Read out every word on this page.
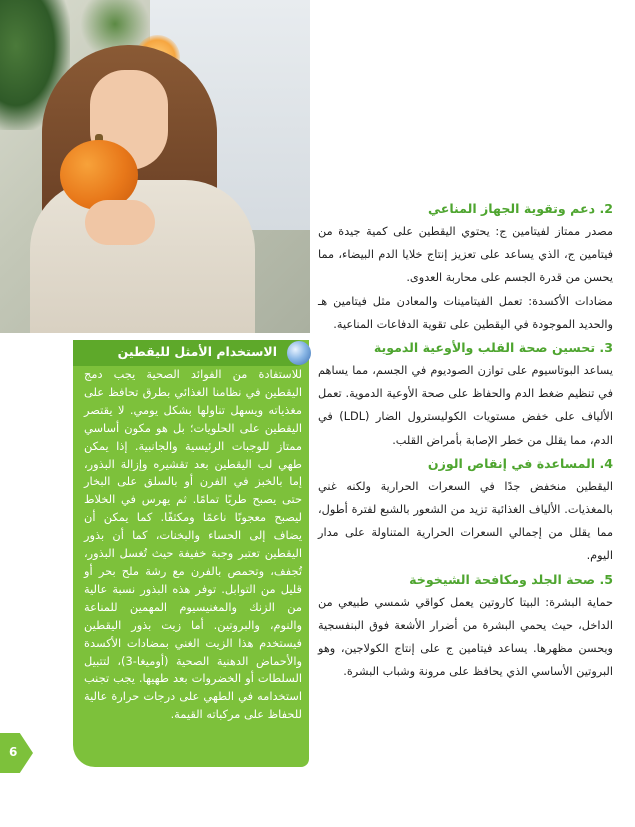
الاستخدام الأمثل لليقطين
للاستفادة من الفوائد الصحية يجب دمج اليقطين في نظامنا الغذائي بطرق تحافظ على مغذياته ويسهل تناولها بشكل يومي. لا يقتصر اليقطين على الحلويات؛ بل هو مكون أساسي ممتاز للوجبات الرئيسية والجانبية. إذا يمكن طهي لب اليقطين بعد تقشيره وإزالة البذور، إما بالخبز في الفرن أو بالسلق على البخار حتى يصبح طريًا تمامًا. ثم يهرس في الخلاط ليصبح معجونًا ناعمًا ومكثفًا. كما يمكن أن يضاف إلى الحساء والبخنات، كما أن بذور اليقطين تعتبر وجبة خفيفة حيث تُغسل البذور، تُجفف، وتحمص بالفرن مع رشة ملح بحر أو قليل من التوابل. توفر هذه البذور نسبة عالية من الزنك والمغنيسيوم المهمين للمناعة والنوم، والبروتين. أما زيت بذور اليقطين فيستخدم هذا الزيت الغني بمضادات الأكسدة والأحماض الدهنية الصحية (أوميغا-3)، لتتبيل السلطات أو الخضروات بعد طهيها. يجب تجنب استخدامه في الطهي على درجات حرارة عالية للحفاظ على مركباته القيمة.
6
2. دعم وتقوية الجهاز المناعي

مصدر ممتاز لفيتامين ج: يحتوي اليقطين على كمية جيدة من فيتامين ج، الذي يساعد على تعزيز إنتاج خلايا الدم البيضاء، مما يحسن من قدرة الجسم على محاربة العدوى.

مضادات الأكسدة: تعمل الفيتامينات والمعادن مثل فيتامين هـ والحديد الموجودة في اليقطين على تقوية الدفاعات المناعية.

3. تحسين صحة القلب والأوعية الدموية

يساعد البوتاسيوم على توازن الصوديوم في الجسم، مما يساهم في تنظيم ضغط الدم والحفاظ على صحة الأوعية الدموية. تعمل الألياف على خفض مستويات الكوليسترول الضار (LDL) في الدم، مما يقلل من خطر الإصابة بأمراض القلب.

4. المساعدة في إنقاص الوزن

اليقطين منخفض جدًا في السعرات الحرارية ولكنه غني بالمغذيات. الألياف الغذائية تزيد من الشعور بالشبع لفترة أطول، مما يقلل من إجمالي السعرات الحرارية المتناولة على مدار اليوم.

5. صحة الجلد ومكافحة الشيخوخة

حماية البشرة: البيتا كاروتين يعمل كواقي شمسي طبيعي من الداخل، حيث يحمي البشرة من أضرار الأشعة فوق البنفسجية ويحسن مظهرها. يساعد فيتامين ج على إنتاج الكولاجين، وهو البروتين الأساسي الذي يحافظ على مرونة وشباب البشرة.
